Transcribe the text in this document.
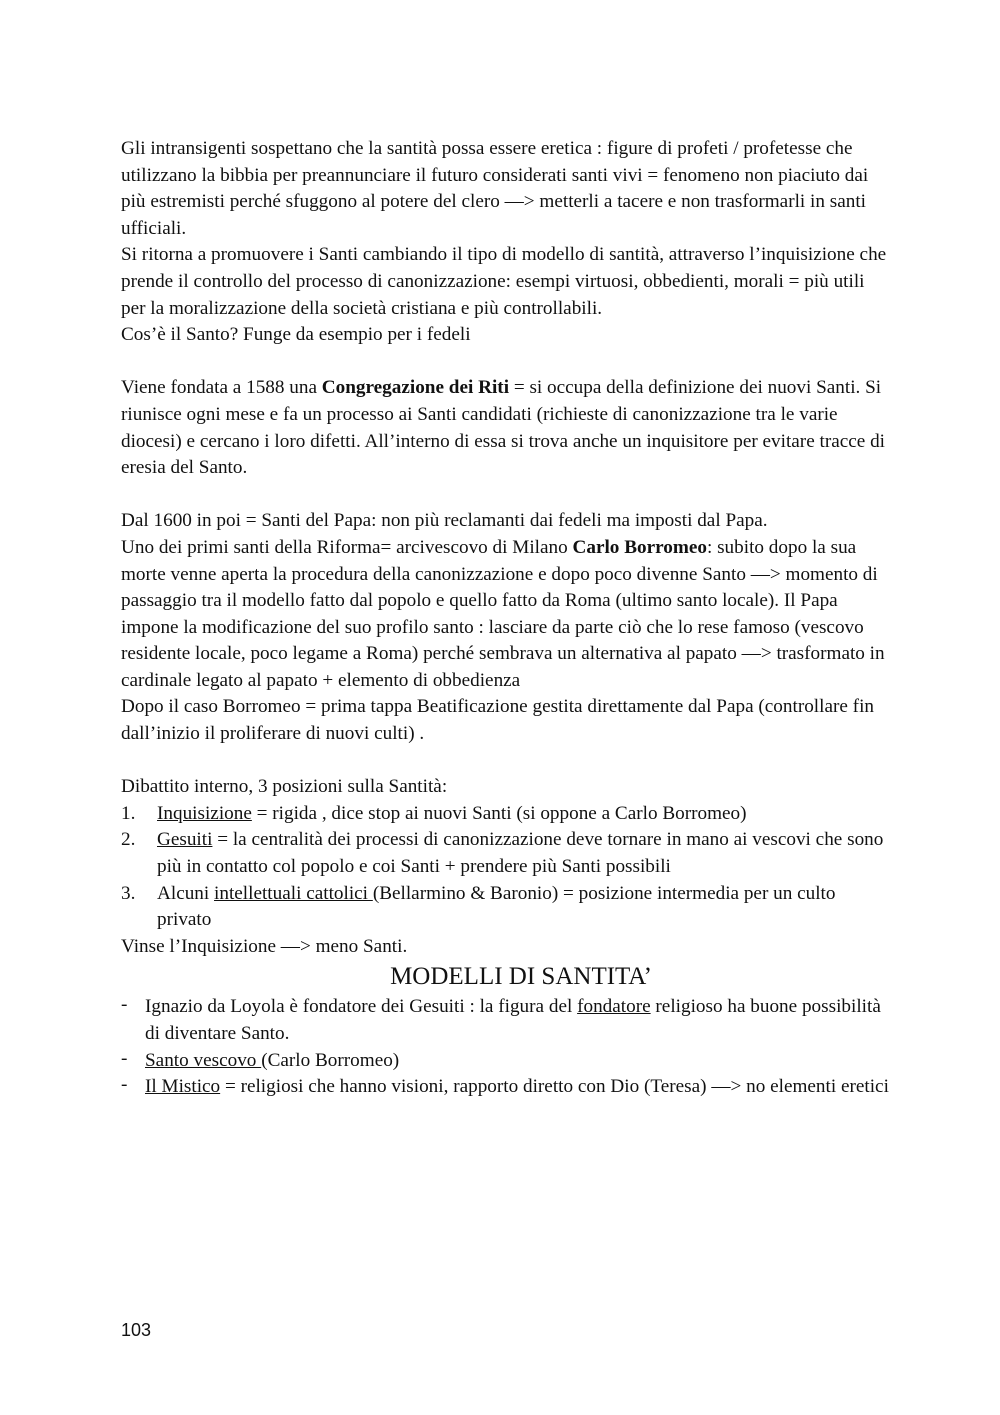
Gli intransigenti sospettano che la santità possa essere eretica : figure di profeti / profetesse che utilizzano la bibbia per preannunciare il futuro considerati santi vivi = fenomeno non piaciuto dai più estremisti perché sfuggono al potere del clero —> metterli a tacere e non trasformarli in santi ufficiali.

Si ritorna a promuovere i Santi cambiando il tipo di modello di santità, attraverso l’inquisizione che prende il controllo del processo di canonizzazione: esempi virtuosi, obbedienti, morali = più utili per la moralizzazione della società cristiana e più controllabili.

Cos’è il Santo? Funge da esempio per i fedeli

Viene fondata a 1588 una Congregazione dei Riti = si occupa della definizione dei nuovi Santi. Si riunisce ogni mese e fa un processo ai Santi candidati (richieste di canonizzazione tra le varie diocesi) e cercano i loro difetti. All’interno di essa si trova anche un inquisitore per evitare tracce di eresia del Santo.

Dal 1600 in poi = Santi del Papa: non più reclamanti dai fedeli ma imposti dal Papa.

Uno dei primi santi della Riforma= arcivescovo di Milano Carlo Borromeo: subito dopo la sua morte venne aperta la procedura della canonizzazione e dopo poco divenne Santo —> momento di passaggio tra il modello fatto dal popolo e quello fatto da Roma (ultimo santo locale). Il Papa impone la modificazione del suo profilo santo : lasciare da parte ciò che lo rese famoso (vescovo residente locale, poco legame a Roma) perché sembrava un alternativa al papato —> trasformato in cardinale legato al papato + elemento di obbedienza

Dopo il caso Borromeo = prima tappa Beatificazione gestita direttamente dal Papa (controllare fin dall’inizio il proliferare di nuovi culti) .

Dibattito interno, 3 posizioni sulla Santità:

1. Inquisizione = rigida , dice stop ai nuovi Santi (si oppone a Carlo Borromeo)
2. Gesuiti = la centralità dei processi di canonizzazione deve tornare in mano ai vescovi che sono più in contatto col popolo e coi Santi + prendere più Santi possibili
3. Alcuni intellettuali cattolici (Bellarmino & Baronio) = posizione intermedia per un culto privato

Vinse l’Inquisizione —> meno Santi.

MODELLI DI SANTITA’
- Ignazio da Loyola è fondatore dei Gesuiti : la figura del fondatore religioso ha buone possibilità di diventare Santo.
- Santo vescovo (Carlo Borromeo)
- Il Mistico = religiosi che hanno visioni, rapporto diretto con Dio (Teresa) —> no elementi eretici
103
